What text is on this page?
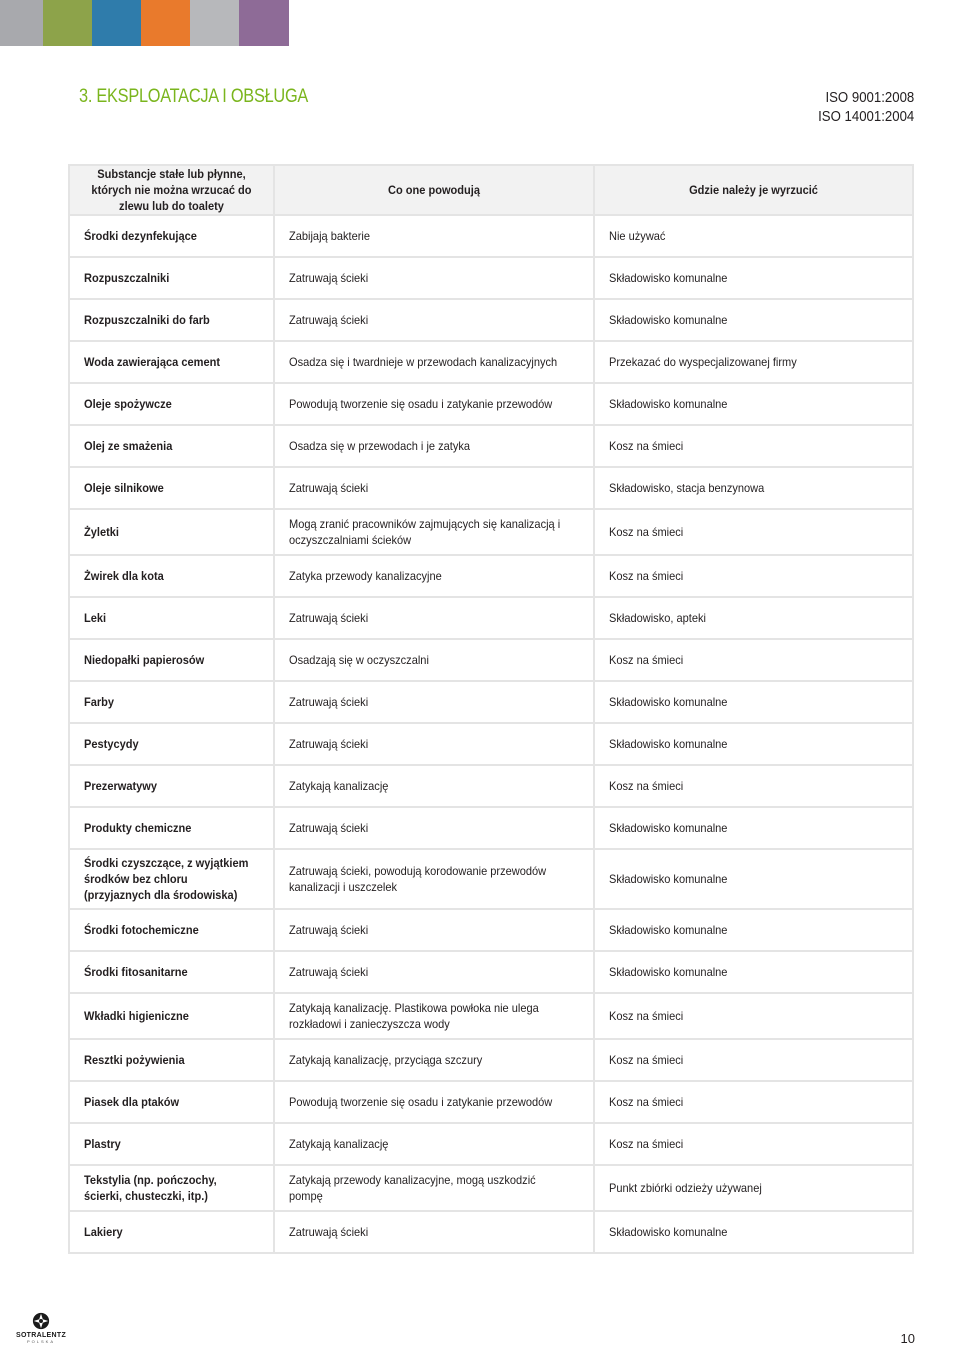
3. EKSPLOATACJA I OBSŁUGA	ISO 9001:2008
ISO 14001:2004
Substancje stałe lub płynne, których nie można wrzucać do zlewu lub do toalety	Co one powodują	Gdzie należy je wyrzucić

Środki dezynfekujące	Zabijają bakterie	Nie używać

Rozpuszczalniki	Zatruwają ścieki	Składowisko komunalne

Rozpuszczalniki do farb	Zatruwają ścieki	Składowisko komunalne

Woda zawierająca cement	Osadza się i twardnieje w przewodach kanalizacyjnych	Przekazać do wyspecjalizowanej firmy

Oleje spożywcze	Powodują tworzenie się osadu i zatykanie przewodów	Składowisko komunalne

Olej ze smażenia	Osadza się w przewodach i je zatyka	Kosz na śmieci

Oleje silnikowe	Zatruwają ścieki	Składowisko, stacja benzynowa

Żyletki	Mogą zranić pracowników zajmujących się kanalizacją i oczyszczalniami ścieków	Kosz na śmieci

Żwirek dla kota	Zatyka przewody kanalizacyjne	Kosz na śmieci

Leki	Zatruwają ścieki	Składowisko, apteki

Niedopałki papierosów	Osadzają się w oczyszczalni	Kosz na śmieci

Farby	Zatruwają ścieki	Składowisko komunalne

Pestycydy	Zatruwają ścieki	Składowisko komunalne

Prezerwatywy	Zatykają kanalizację	Kosz na śmieci

Produkty chemiczne	Zatruwają ścieki	Składowisko komunalne

Środki czyszczące, z wyjątkiem środków bez chloru (przyjaznych dla środowiska)	Zatruwają ścieki, powodują korodowanie przewodów kanalizacji i uszczelek	Składowisko komunalne

Środki fotochemiczne	Zatruwają ścieki	Składowisko komunalne

Środki fitosanitarne	Zatruwają ścieki	Składowisko komunalne

Wkładki higieniczne	Zatykają kanalizację. Plastikowa powłoka nie ulega rozkładowi i zanieczyszcza wody	Kosz na śmieci

Resztki pożywienia	Zatykają kanalizację, przyciąga szczury	Kosz na śmieci

Piasek dla ptaków	Powodują tworzenie się osadu i zatykanie przewodów	Kosz na śmieci

Plastry	Zatykają kanalizację	Kosz na śmieci

Tekstylia (np. pończochy, ścierki, chusteczki, itp.)	Zatykają przewody kanalizacyjne, mogą uszkodzić pompę	Punkt zbiórki odzieży używanej

Lakiery	Zatruwają ścieki	Składowisko komunalne
SOTRALENTZ
POLSKA	10
